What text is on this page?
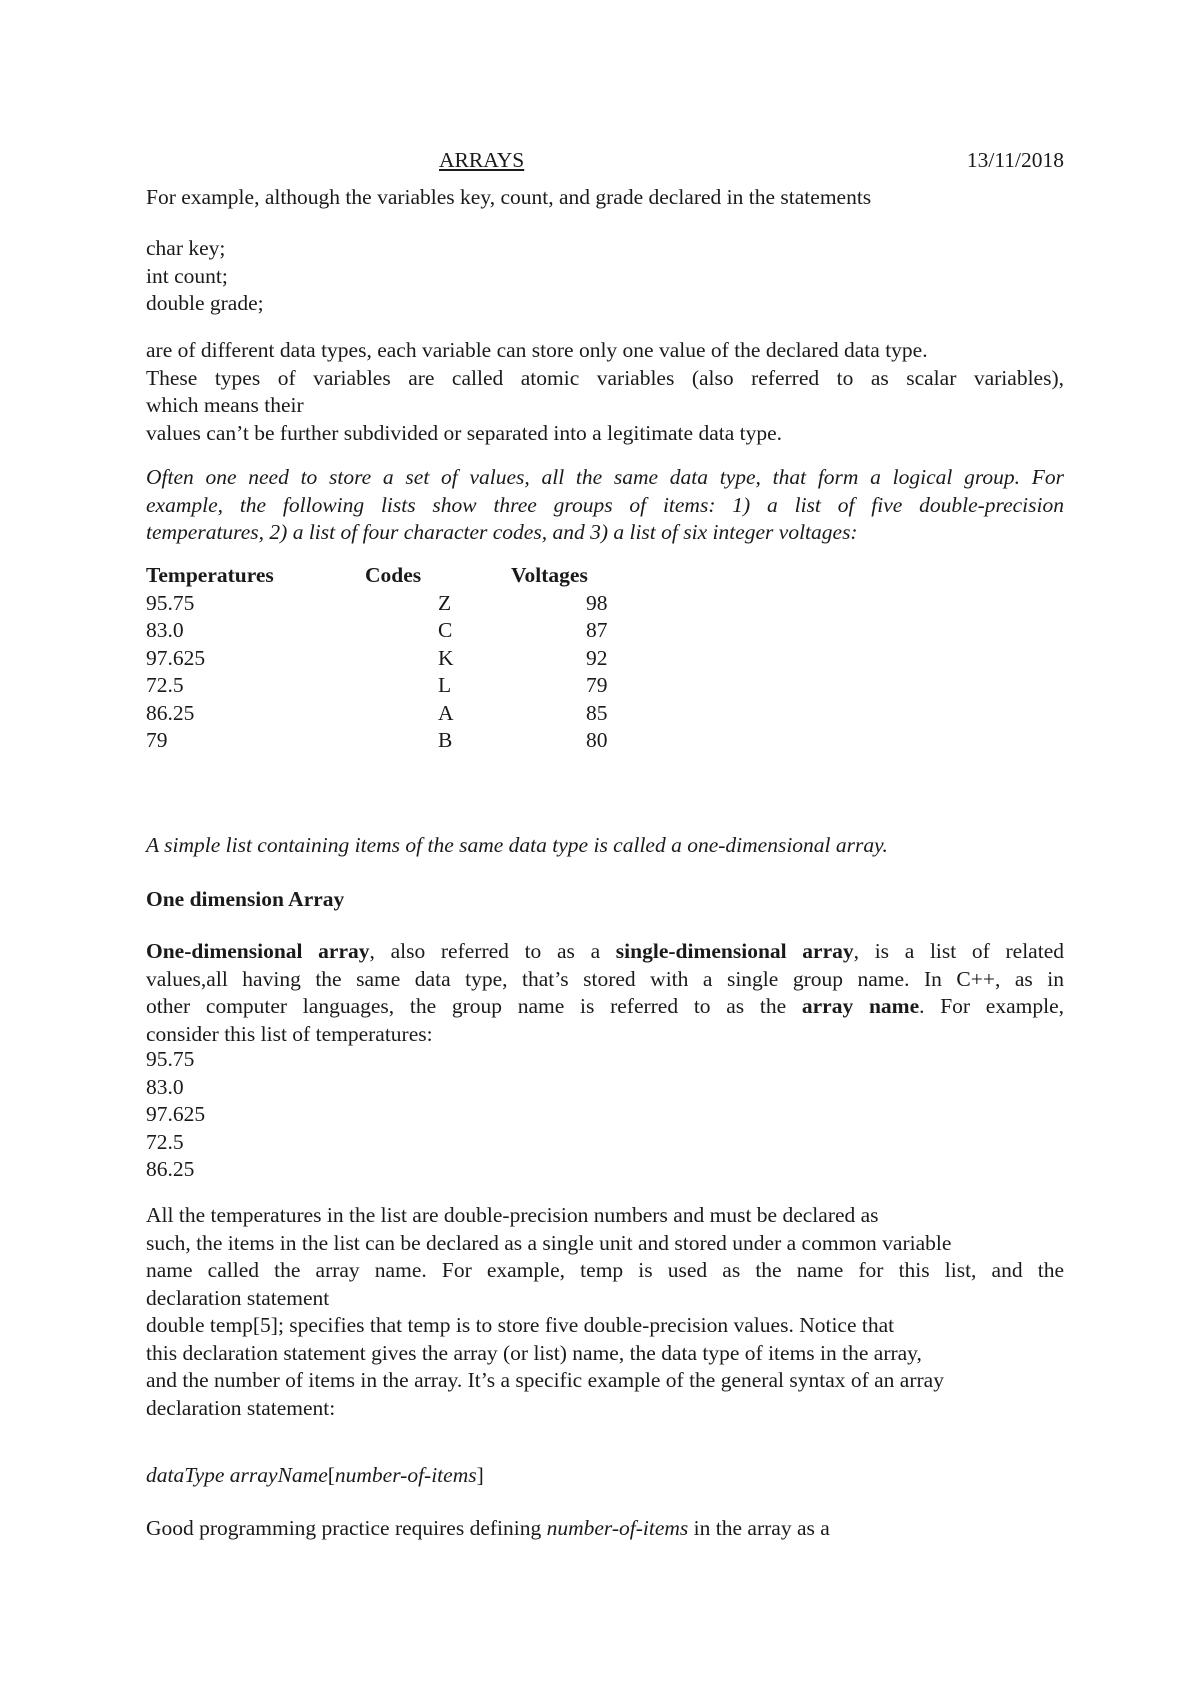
ARRAYS	13/11/2018
For example, although the variables key, count, and grade declared in the statements
char key;
int count;
double grade;
are of different data types, each variable can store only one value of the declared data type.
These types of variables are called atomic variables (also referred to as scalar variables),
which means their
values can’t be further subdivided or separated into a legitimate data type.
Often one need to store a set of values, all the same data type, that form a logical group. For
example, the following lists show three groups of items: 1) a list of five double-precision
temperatures, 2) a list of four character codes, and 3) a list of six integer voltages:
Temperatures	Codes	Voltages
95.75	Z	98
83.0	C	87
97.625	K	92
72.5	L	79
86.25	A	85
79	B	80
A simple list containing items of the same data type is called a one-dimensional array.
One dimension Array
One-dimensional array, also referred to as a single-dimensional array, is a list of related
values,all having the same data type, that’s stored with a single group name. In C++, as in
other computer languages, the group name is referred to as the array name. For example,
consider this list of temperatures:
95.75
83.0
97.625
72.5
86.25
All the temperatures in the list are double-precision numbers and must be declared as
such, the items in the list can be declared as a single unit and stored under a common variable
name called the array name. For example, temp is used as the name for this list, and the
declaration statement
double temp[5]; specifies that temp is to store five double-precision values. Notice that
this declaration statement gives the array (or list) name, the data type of items in the array,
and the number of items in the array. It’s a specific example of the general syntax of an array
declaration statement:
dataType arrayName[number-of-items]
Good programming practice requires defining number-of-items in the array as a
